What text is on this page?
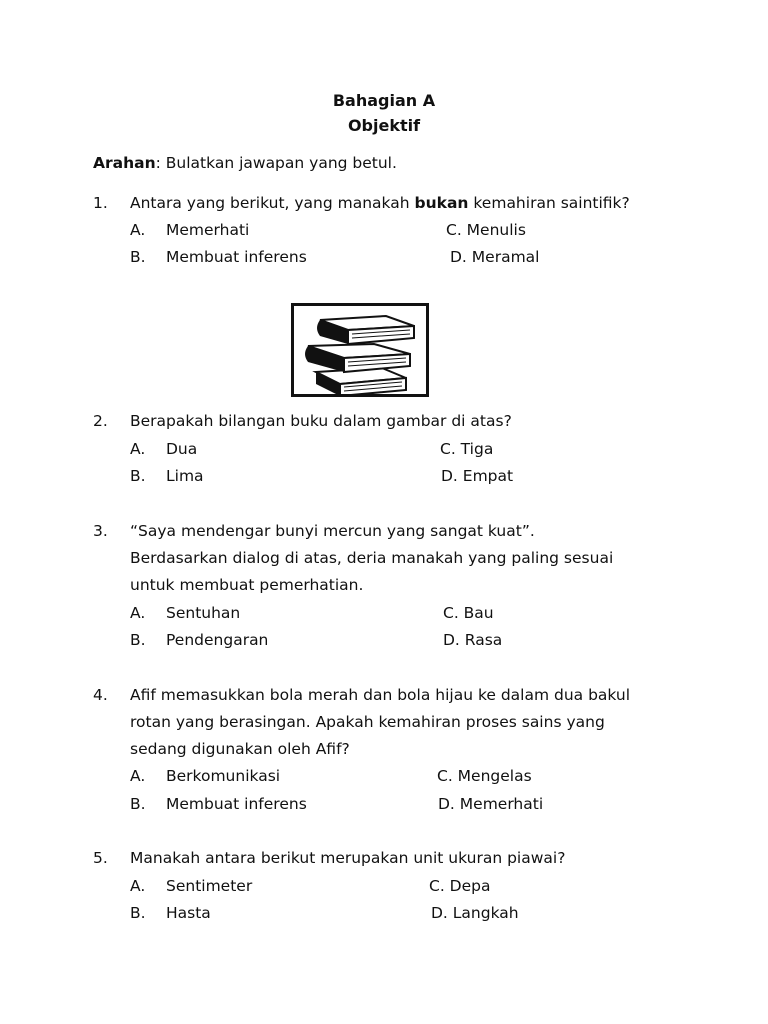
Bahagian A
Objektif
Arahan: Bulatkan jawapan yang betul.
1. Antara yang berikut, yang manakah bukan kemahiran saintifik?
A. Memerhati	C. Menulis
B. Membuat inferens	D. Meramal
2. Berapakah bilangan buku dalam gambar di atas?
A. Dua	C. Tiga
B. Lima	D. Empat
3. “Saya mendengar bunyi mercun yang sangat kuat”.
Berdasarkan dialog di atas, deria manakah yang paling sesuai
untuk membuat pemerhatian.
A. Sentuhan	C. Bau
B. Pendengaran	D. Rasa
4. Afif memasukkan bola merah dan bola hijau ke dalam dua bakul
rotan yang berasingan. Apakah kemahiran proses sains yang
sedang digunakan oleh Afif?
A. Berkomunikasi	C. Mengelas
B. Membuat inferens	D. Memerhati
5. Manakah antara berikut merupakan unit ukuran piawai?
A. Sentimeter	C. Depa
B. Hasta	D. Langkah
